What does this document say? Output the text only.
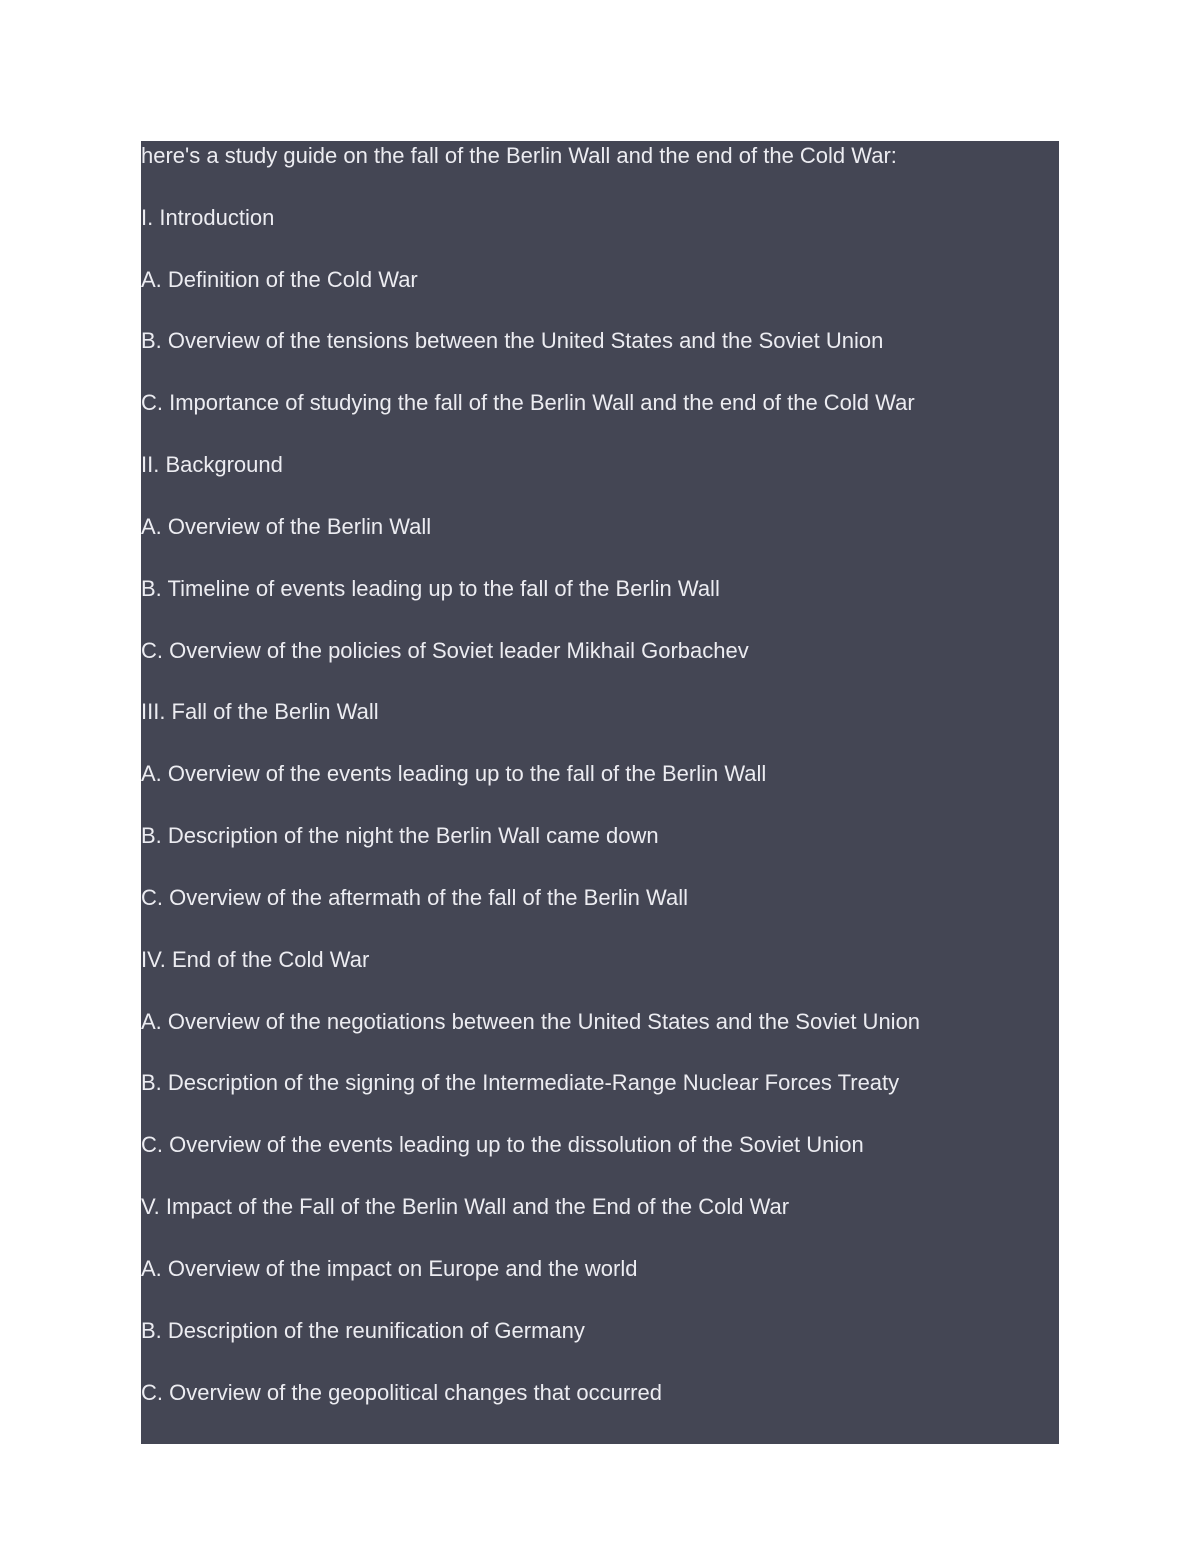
here's a study guide on the fall of the Berlin Wall and the end of the Cold War:

I. Introduction

A. Definition of the Cold War

B. Overview of the tensions between the United States and the Soviet Union

C. Importance of studying the fall of the Berlin Wall and the end of the Cold War

II. Background

A. Overview of the Berlin Wall

B. Timeline of events leading up to the fall of the Berlin Wall

C. Overview of the policies of Soviet leader Mikhail Gorbachev

III. Fall of the Berlin Wall

A. Overview of the events leading up to the fall of the Berlin Wall

B. Description of the night the Berlin Wall came down

C. Overview of the aftermath of the fall of the Berlin Wall

IV. End of the Cold War

A. Overview of the negotiations between the United States and the Soviet Union

B. Description of the signing of the Intermediate-Range Nuclear Forces Treaty

C. Overview of the events leading up to the dissolution of the Soviet Union

V. Impact of the Fall of the Berlin Wall and the End of the Cold War

A. Overview of the impact on Europe and the world

B. Description of the reunification of Germany

C. Overview of the geopolitical changes that occurred
